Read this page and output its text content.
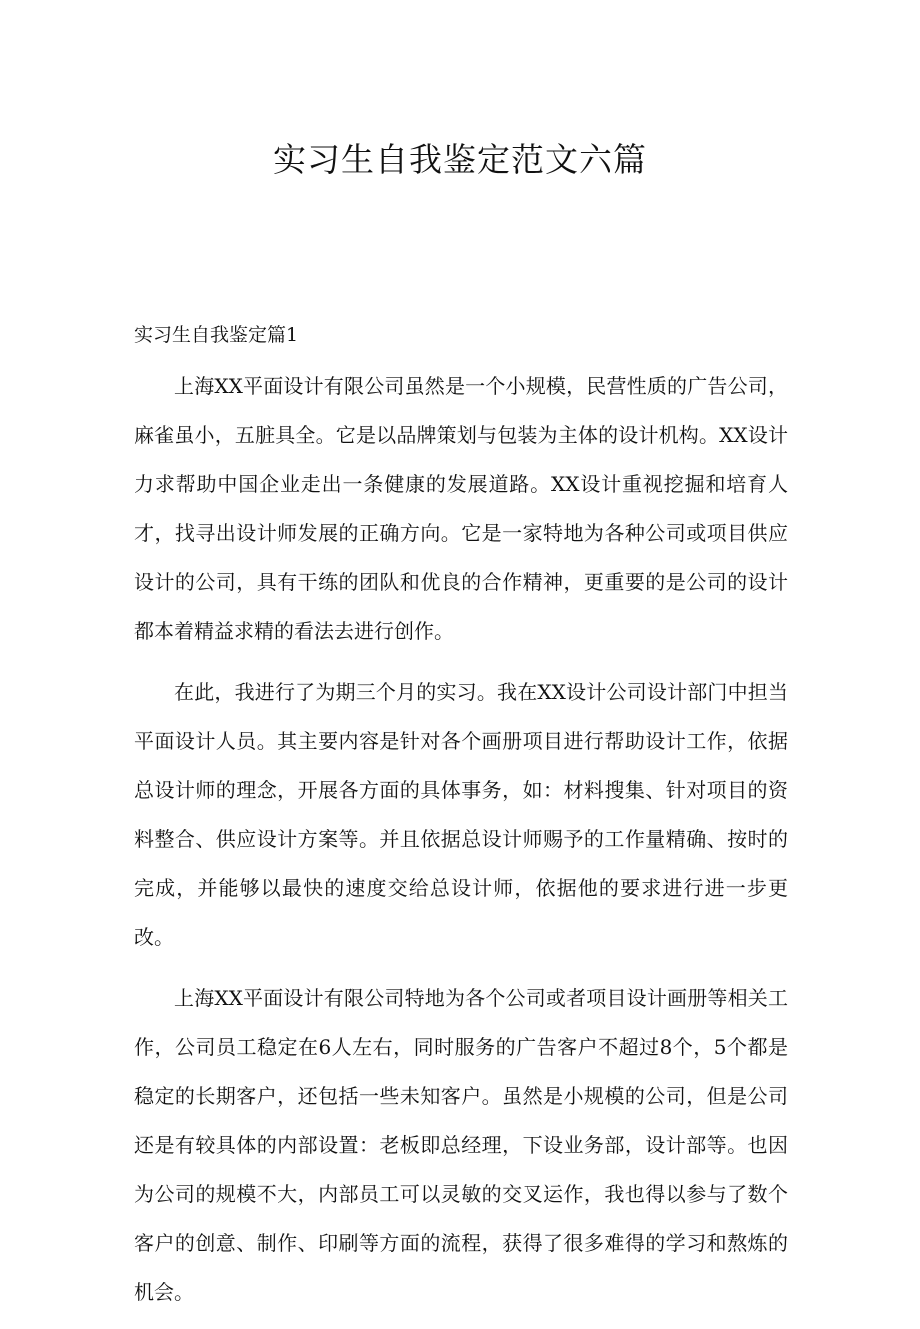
实习生自我鉴定范文六篇
实习生自我鉴定篇1

上海XX平面设计有限公司虽然是一个小规模，民营性质的广告公司，麻雀虽小，五脏具全。它是以品牌策划与包装为主体的设计机构。XX设计力求帮助中国企业走出一条健康的发展道路。XX设计重视挖掘和培育人才，找寻出设计师发展的正确方向。它是一家特地为各种公司或项目供应设计的公司，具有干练的团队和优良的合作精神，更重要的是公司的设计都本着精益求精的看法去进行创作。

在此，我进行了为期三个月的实习。我在XX设计公司设计部门中担当平面设计人员。其主要内容是针对各个画册项目进行帮助设计工作，依据总设计师的理念，开展各方面的具体事务，如：材料搜集、针对项目的资料整合、供应设计方案等。并且依据总设计师赐予的工作量精确、按时的完成，并能够以最快的速度交给总设计师，依据他的要求进行进一步更改。

上海XX平面设计有限公司特地为各个公司或者项目设计画册等相关工作，公司员工稳定在6人左右，同时服务的广告客户不超过8个，5个都是稳定的长期客户，还包括一些未知客户。虽然是小规模的公司，但是公司还是有较具体的内部设置：老板即总经理，下设业务部，设计部等。也因为公司的规模不大，内部员工可以灵敏的交叉运作，我也得以参与了数个客户的创意、制作、印刷等方面的流程，获得了很多难得的学习和熬炼的机会。
